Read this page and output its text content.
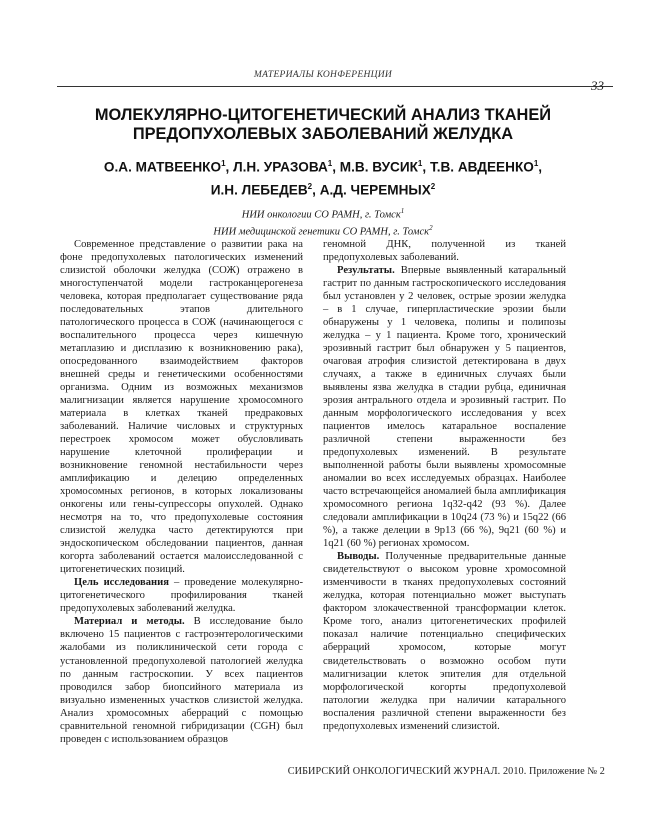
МАТЕРИАЛЫ КОНФЕРЕНЦИИ
33
МОЛЕКУЛЯРНО-ЦИТОГЕНЕТИЧЕСКИЙ АНАЛИЗ ТКАНЕЙ
ПРЕДОПУХОЛЕВЫХ ЗАБОЛЕВАНИЙ ЖЕЛУДКА
О.А. МАТВЕЕНКО$^1$, Л.Н. УРАЗОВА$^1$, М.В. ВУСИК$^1$, Т.В. АВДЕЕНКО$^1$,
И.Н. ЛЕБЕДЕВ$^2$, А.Д. ЧЕРЕМНЫХ$^2$
НИИ онкологии СО РАМН, г. Томск$^1$
НИИ медицинской генетики СО РАМН, г. Томск$^2$

Современное представление о развитии рака на фоне предопухолевых патологических изменений слизистой оболочки желудка (СОЖ) отражено в многоступенчатой модели гастроканцерогенеза человека, которая предполагает существование ряда последовательных этапов длительного патологического процесса в СОЖ (начинающегося с воспалительного процесса через кишечную метаплазию и дисплазию к возникновению рака), опосредованного взаимодействием факторов внешней среды и генетическими особенностями организма. Одним из возможных механизмов малигнизации является нарушение хромосомного материала в клетках тканей предраковых заболеваний. Наличие числовых и структурных перестроек хромосом может обусловливать нарушение клеточной пролиферации и возникновение геномной нестабильности через амплификацию и делецию определенных хромосомных регионов, в которых локализованы онкогены или гены-супрессоры опухолей. Однако несмотря на то, что предопухолевые состояния слизистой желудка часто детектируются при эндоскопическом обследовании пациентов, данная когорта заболеваний остается малоисследованной с цитогенетических позиций.

Цель исследования – проведение молекулярно-цитогенетического профилирования тканей предопухолевых заболеваний желудка.

Материал и методы. В исследование было включено 15 пациентов с гастроэнтерологическими жалобами из поликлинической сети города с установленной предопухолевой патологией желудка по данным гастроскопии. У всех пациентов проводился забор биопсийного материала из визуально измененных участков слизистой желудка. Анализ хромосомных аберраций с помощью сравнительной геномной гибридизации (CGH) был проведен с использованием образцов

геномной ДНК, полученной из тканей предопухолевых заболеваний.

Результаты. Впервые выявленный катаральный гастрит по данным гастроскопического исследования был установлен у 2 человек, острые эрозии желудка – в 1 случае, гиперпластические эрозии были обнаружены у 1 человека, полипы и полипозы желудка – у 1 пациента. Кроме того, хронический эрозивный гастрит был обнаружен у 5 пациентов, очаговая атрофия слизистой детектирована в двух случаях, а также в единичных случаях были выявлены язва желудка в стадии рубца, единичная эрозия антрального отдела и эрозивный гастрит. По данным морфологического исследования у всех пациентов имелось катаральное воспаление различной степени выраженности без предопухолевых изменений. В результате выполненной работы были выявлены хромосомные аномалии во всех исследуемых образцах. Наиболее часто встречающейся аномалией была амплификация хромосомного региона 1q32-q42 (93 %). Далее следовали амплификации в 10q24 (73 %) и 15q22 (66 %), а также делеции в 9p13 (66 %), 9q21 (60 %) и 1q21 (60 %) регионах хромосом.

Выводы. Полученные предварительные данные свидетельствуют о высоком уровне хромосомной изменчивости в тканях предопухолевых состояний желудка, которая потенциально может выступать фактором злокачественной трансформации клеток. Кроме того, анализ цитогенетических профилей показал наличие потенциально специфических аберраций хромосом, которые могут свидетельствовать о возможно особом пути малигнизации клеток эпителия для отдельной морфологической когорты предопухолевой патологии желудка при наличии катарального воспаления различной степени выраженности без предопухолевых изменений слизистой.

СИБИРСКИЙ ОНКОЛОГИЧЕСКИЙ ЖУРНАЛ. 2010. Приложение № 2
